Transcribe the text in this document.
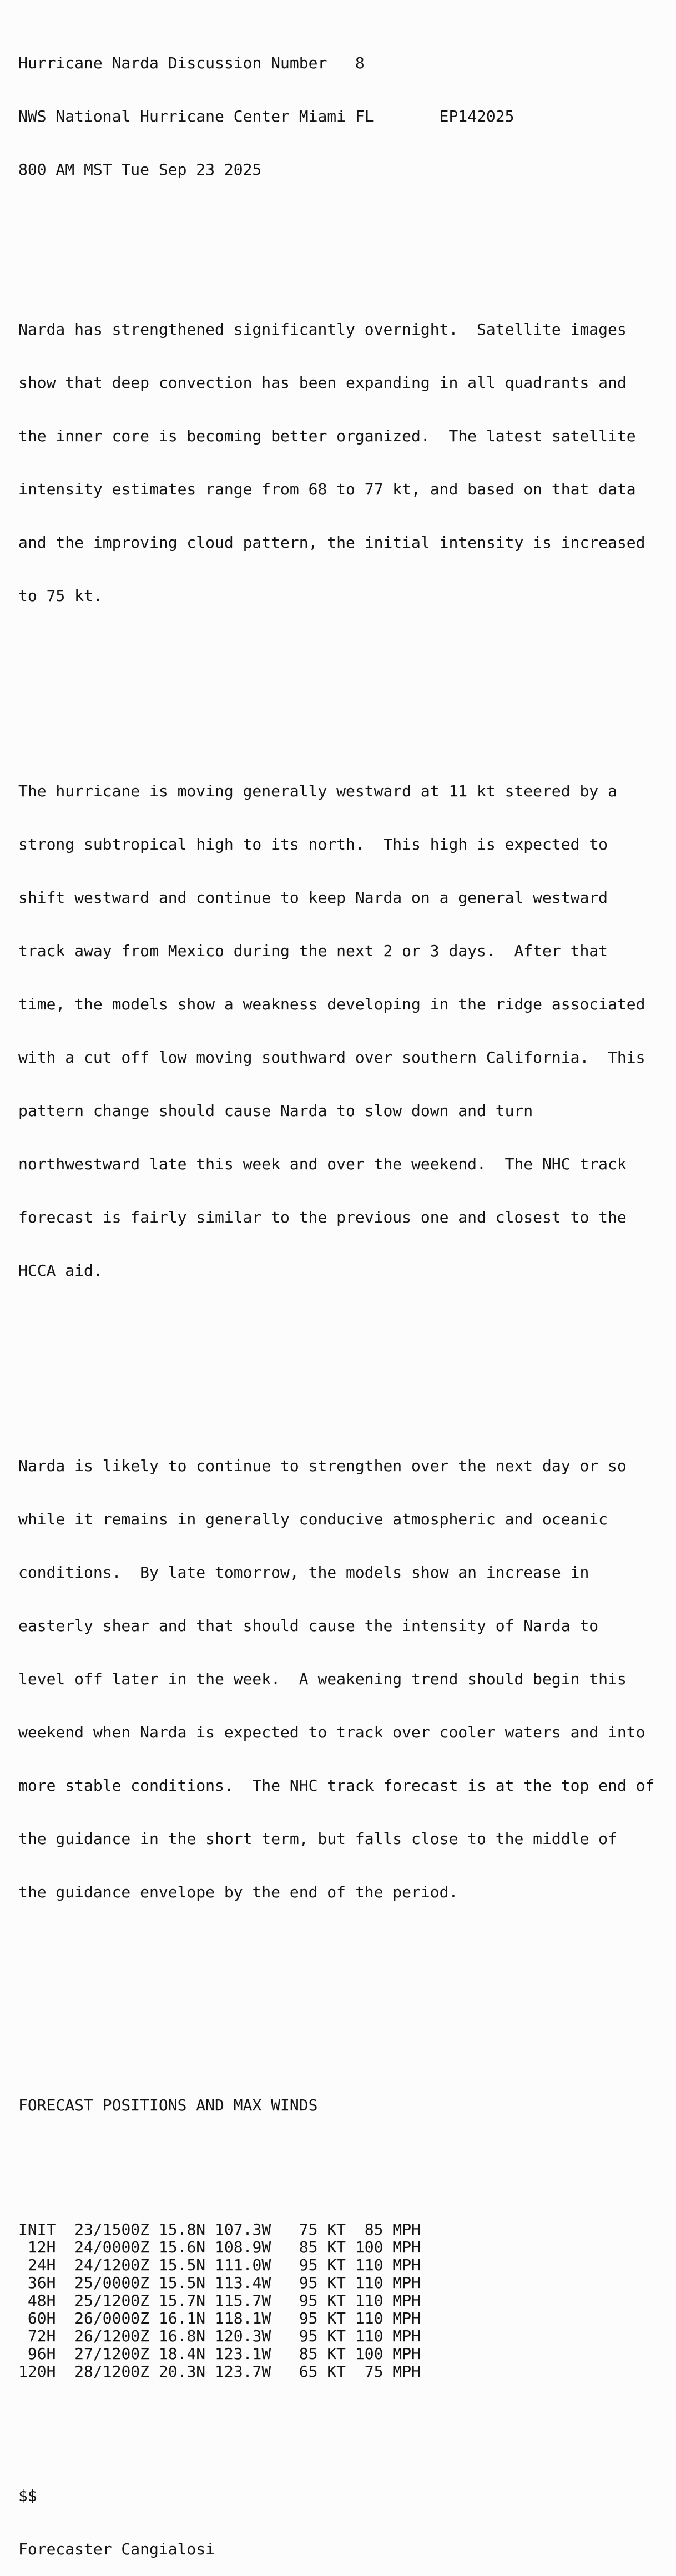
Hurricane Narda Discussion Number   8

NWS National Hurricane Center Miami FL       EP142025

800 AM MST Tue Sep 23 2025

Narda has strengthened significantly overnight.  Satellite images

show that deep convection has been expanding in all quadrants and

the inner core is becoming better organized.  The latest satellite

intensity estimates range from 68 to 77 kt, and based on that data

and the improving cloud pattern, the initial intensity is increased

to 75 kt.

The hurricane is moving generally westward at 11 kt steered by a

strong subtropical high to its north.  This high is expected to

shift westward and continue to keep Narda on a general westward

track away from Mexico during the next 2 or 3 days.  After that

time, the models show a weakness developing in the ridge associated

with a cut off low moving southward over southern California.  This

pattern change should cause Narda to slow down and turn

northwestward late this week and over the weekend.  The NHC track

forecast is fairly similar to the previous one and closest to the

HCCA aid.

Narda is likely to continue to strengthen over the next day or so

while it remains in generally conducive atmospheric and oceanic

conditions.  By late tomorrow, the models show an increase in

easterly shear and that should cause the intensity of Narda to

level off later in the week.  A weakening trend should begin this

weekend when Narda is expected to track over cooler waters and into

more stable conditions.  The NHC track forecast is at the top end of

the guidance in the short term, but falls close to the middle of

the guidance envelope by the end of the period.

FORECAST POSITIONS AND MAX WINDS

INIT  23/1500Z 15.8N 107.3W   75 KT  85 MPH
12H  24/0000Z 15.6N 108.9W   85 KT 100 MPH
24H  24/1200Z 15.5N 111.0W   95 KT 110 MPH
36H  25/0000Z 15.5N 113.4W   95 KT 110 MPH
48H  25/1200Z 15.7N 115.7W   95 KT 110 MPH
60H  26/0000Z 16.1N 118.1W   95 KT 110 MPH
72H  26/1200Z 16.8N 120.3W   95 KT 110 MPH
96H  27/1200Z 18.4N 123.1W   85 KT 100 MPH
120H  28/1200Z 20.3N 123.7W   65 KT  75 MPH

$$

Forecaster Cangialosi
